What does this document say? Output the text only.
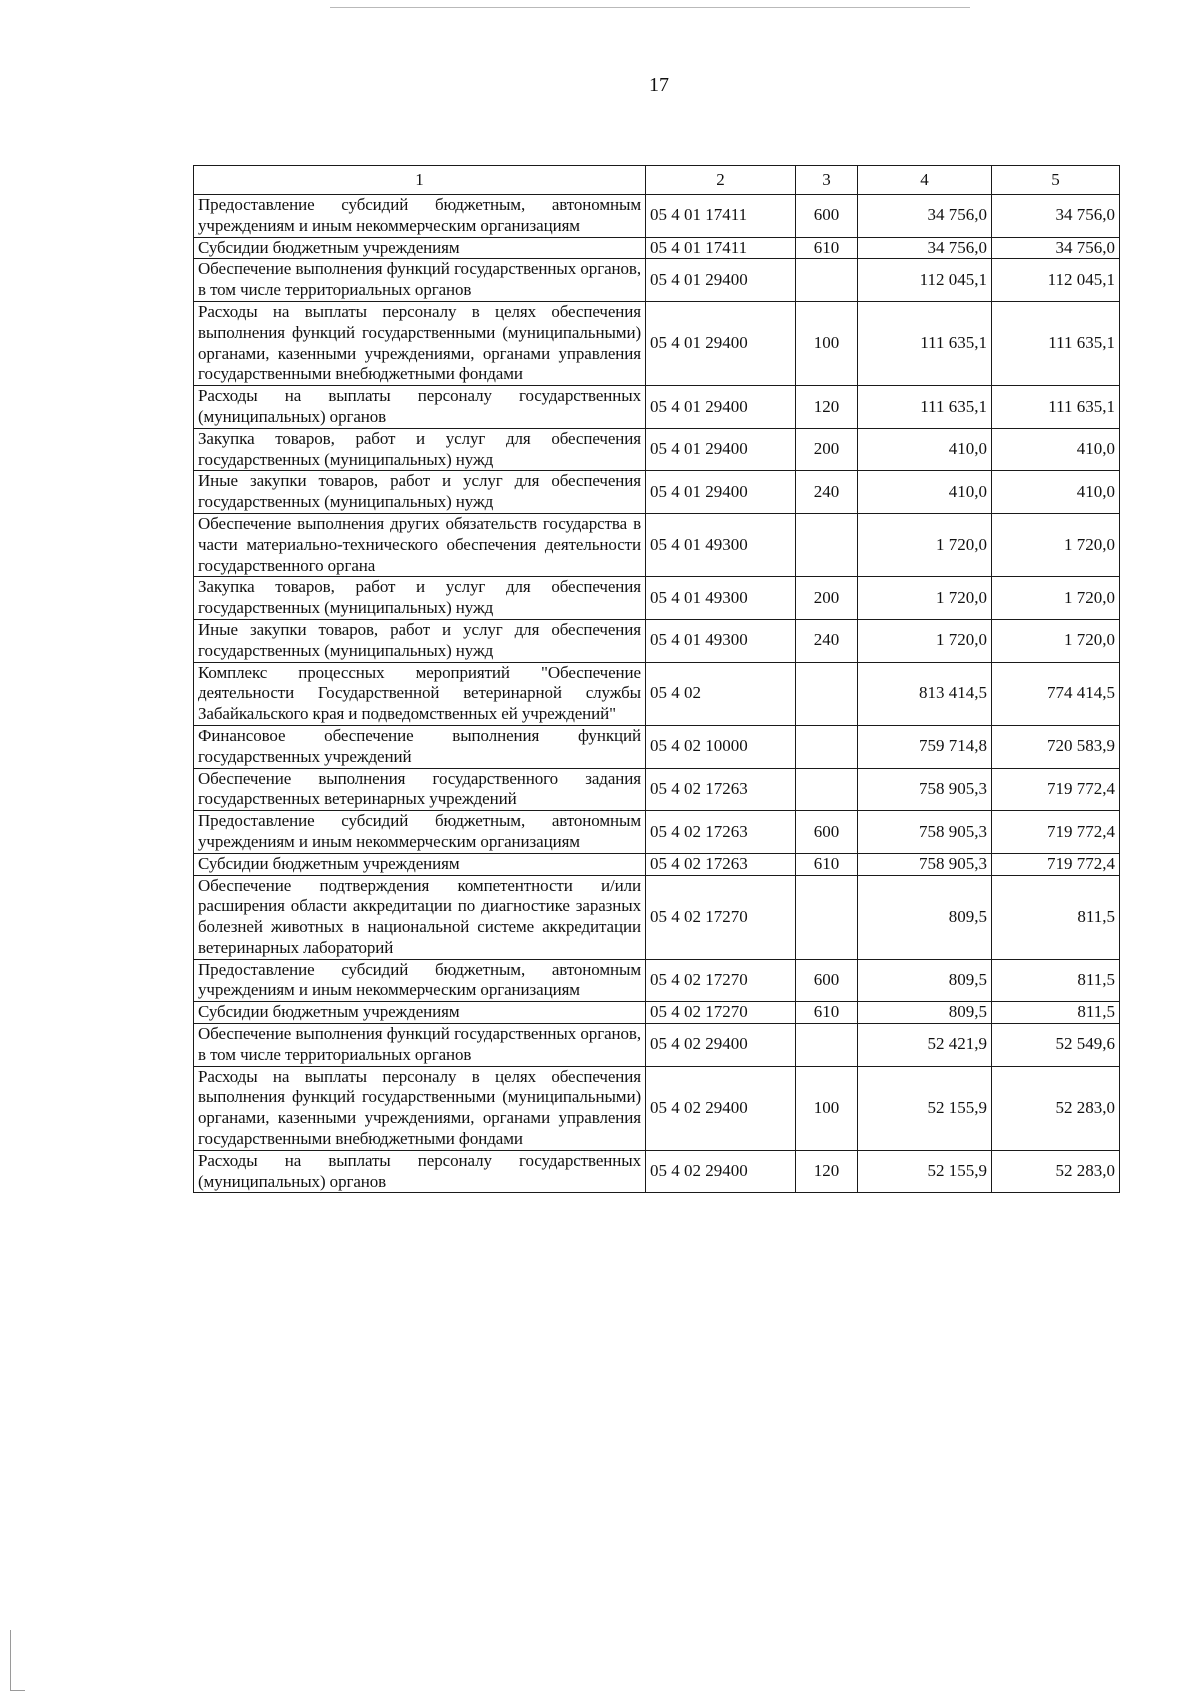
17
1	2	3	4	5
Предоставление субсидий бюджетным, автономным учреждениям и иным некоммерческим организациям	05 4 01 17411	600	34 756,0	34 756,0
Субсидии бюджетным учреждениям	05 4 01 17411	610	34 756,0	34 756,0
Обеспечение выполнения функций государственных органов, в том числе территориальных органов	05 4 01 29400		112 045,1	112 045,1
Расходы на выплаты персоналу в целях обеспечения выполнения функций государственными (муниципальными) органами, казенными учреждениями, органами управления государственными внебюджетными фондами	05 4 01 29400	100	111 635,1	111 635,1
Расходы на выплаты персоналу государственных (муниципальных) органов	05 4 01 29400	120	111 635,1	111 635,1
Закупка товаров, работ и услуг для обеспечения государственных (муниципальных) нужд	05 4 01 29400	200	410,0	410,0
Иные закупки товаров, работ и услуг для обеспечения государственных (муниципальных) нужд	05 4 01 29400	240	410,0	410,0
Обеспечение выполнения других обязательств государства в части материально-технического обеспечения деятельности государственного органа	05 4 01 49300		1 720,0	1 720,0
Закупка товаров, работ и услуг для обеспечения государственных (муниципальных) нужд	05 4 01 49300	200	1 720,0	1 720,0
Иные закупки товаров, работ и услуг для обеспечения государственных (муниципальных) нужд	05 4 01 49300	240	1 720,0	1 720,0
Комплекс процессных мероприятий "Обеспечение деятельности Государственной ветеринарной службы Забайкальского края и подведомственных ей учреждений"	05 4 02		813 414,5	774 414,5
Финансовое обеспечение выполнения функций государственных учреждений	05 4 02 10000		759 714,8	720 583,9
Обеспечение выполнения государственного задания государственных ветеринарных учреждений	05 4 02 17263		758 905,3	719 772,4
Предоставление субсидий бюджетным, автономным учреждениям и иным некоммерческим организациям	05 4 02 17263	600	758 905,3	719 772,4
Субсидии бюджетным учреждениям	05 4 02 17263	610	758 905,3	719 772,4
Обеспечение подтверждения компетентности и/или расширения области аккредитации по диагностике заразных болезней животных в национальной системе аккредитации ветеринарных лабораторий	05 4 02 17270		809,5	811,5
Предоставление субсидий бюджетным, автономным учреждениям и иным некоммерческим организациям	05 4 02 17270	600	809,5	811,5
Субсидии бюджетным учреждениям	05 4 02 17270	610	809,5	811,5
Обеспечение выполнения функций государственных органов, в том числе территориальных органов	05 4 02 29400		52 421,9	52 549,6
Расходы на выплаты персоналу в целях обеспечения выполнения функций государственными (муниципальными) органами, казенными учреждениями, органами управления государственными внебюджетными фондами	05 4 02 29400	100	52 155,9	52 283,0
Расходы на выплаты персоналу государственных (муниципальных) органов	05 4 02 29400	120	52 155,9	52 283,0
